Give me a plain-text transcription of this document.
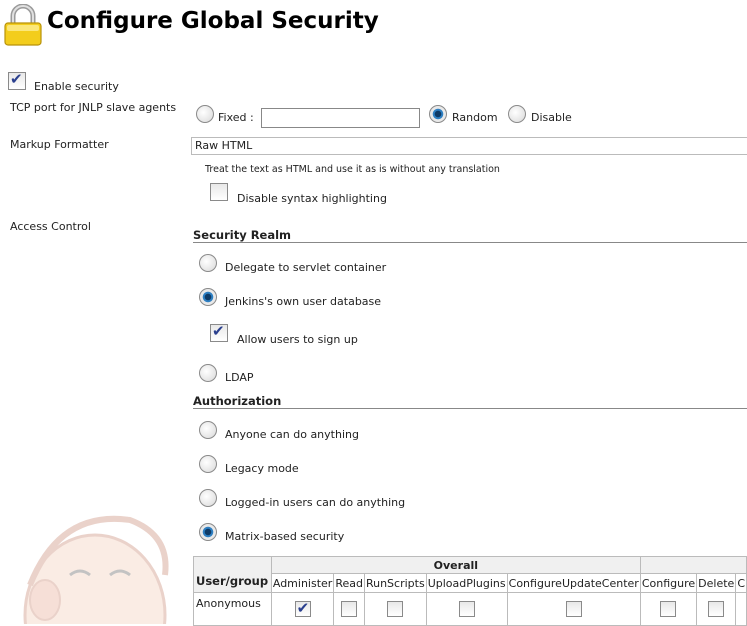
Configure Global Security
✔
Enable security
TCP port for JNLP slave agents
Fixed :	Random	Disable
Markup Formatter	Raw HTML
Treat the text as HTML and use it as is without any translation
Disable syntax highlighting
Access Control
Security Realm
Delegate to servlet container
Jenkins's own user database
✔
Allow users to sign up
LDAP
Authorization
Anyone can do anything
Legacy mode
Logged-in users can do anything
Matrix-based security
User/group	Overall							
	Administer	Read	RunScripts	UploadPlugins	ConfigureUpdateCenter	Configure	Delete	C
Anonymous	✔							
